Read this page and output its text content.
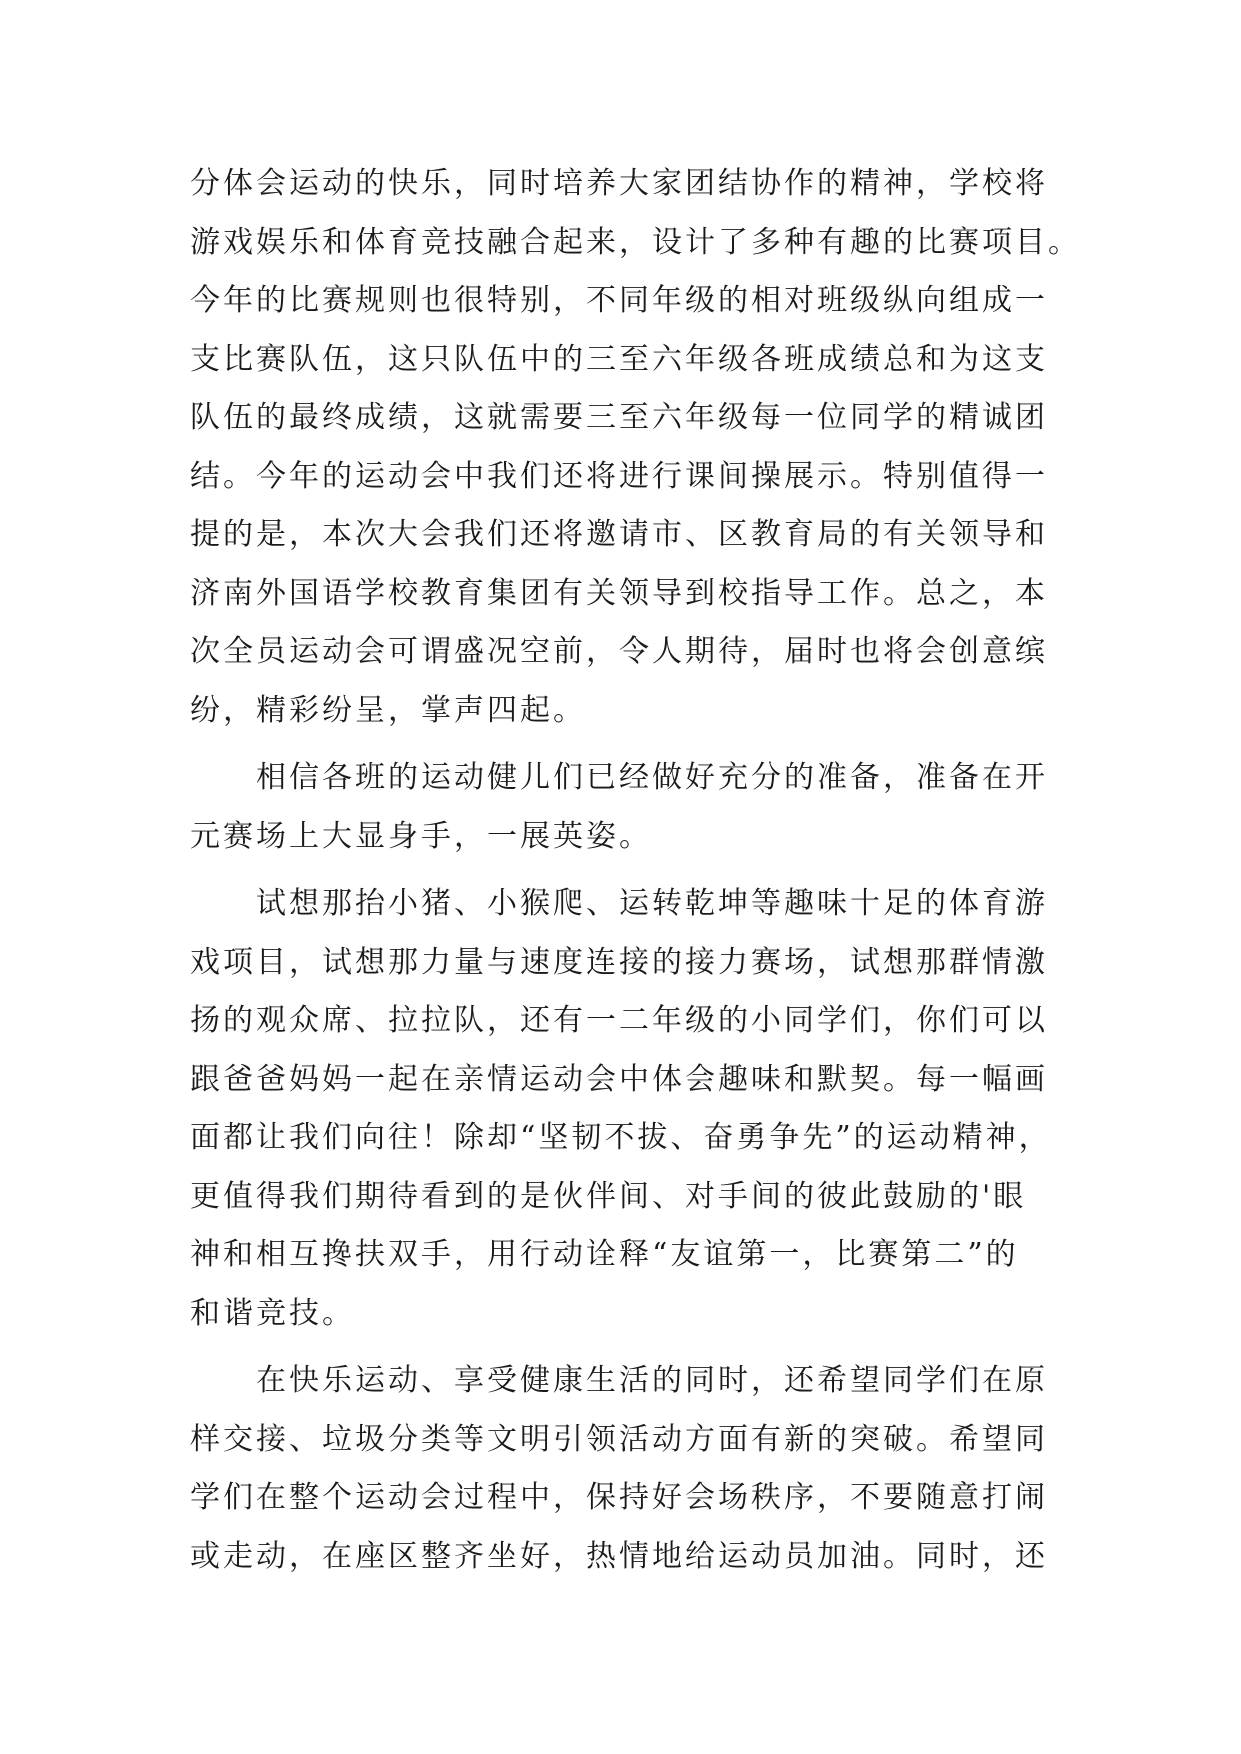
分体会运动的快乐，同时培养大家团结协作的精神，学校将
游戏娱乐和体育竞技融合起来，设计了多种有趣的比赛项目。
今年的比赛规则也很特别，不同年级的相对班级纵向组成一
支比赛队伍，这只队伍中的三至六年级各班成绩总和为这支
队伍的最终成绩，这就需要三至六年级每一位同学的精诚团
结。今年的运动会中我们还将进行课间操展示。特别值得一
提的是，本次大会我们还将邀请市、区教育局的有关领导和
济南外国语学校教育集团有关领导到校指导工作。总之，本
次全员运动会可谓盛况空前，令人期待，届时也将会创意缤
纷，精彩纷呈，掌声四起。
　　相信各班的运动健儿们已经做好充分的准备，准备在开
元赛场上大显身手，一展英姿。
　　试想那抬小猪、小猴爬、运转乾坤等趣味十足的体育游
戏项目，试想那力量与速度连接的接力赛场，试想那群情激
扬的观众席、拉拉队，还有一二年级的小同学们，你们可以
跟爸爸妈妈一起在亲情运动会中体会趣味和默契。每一幅画
面都让我们向往！除却“坚韧不拔、奋勇争先”的运动精神，
更值得我们期待看到的是伙伴间、对手间的彼此鼓励的'眼
神和相互搀扶双手，用行动诠释“友谊第一，比赛第二”的
和谐竞技。
　　在快乐运动、享受健康生活的同时，还希望同学们在原
样交接、垃圾分类等文明引领活动方面有新的突破。希望同
学们在整个运动会过程中，保持好会场秩序，不要随意打闹
或走动，在座区整齐坐好，热情地给运动员加油。同时，还
